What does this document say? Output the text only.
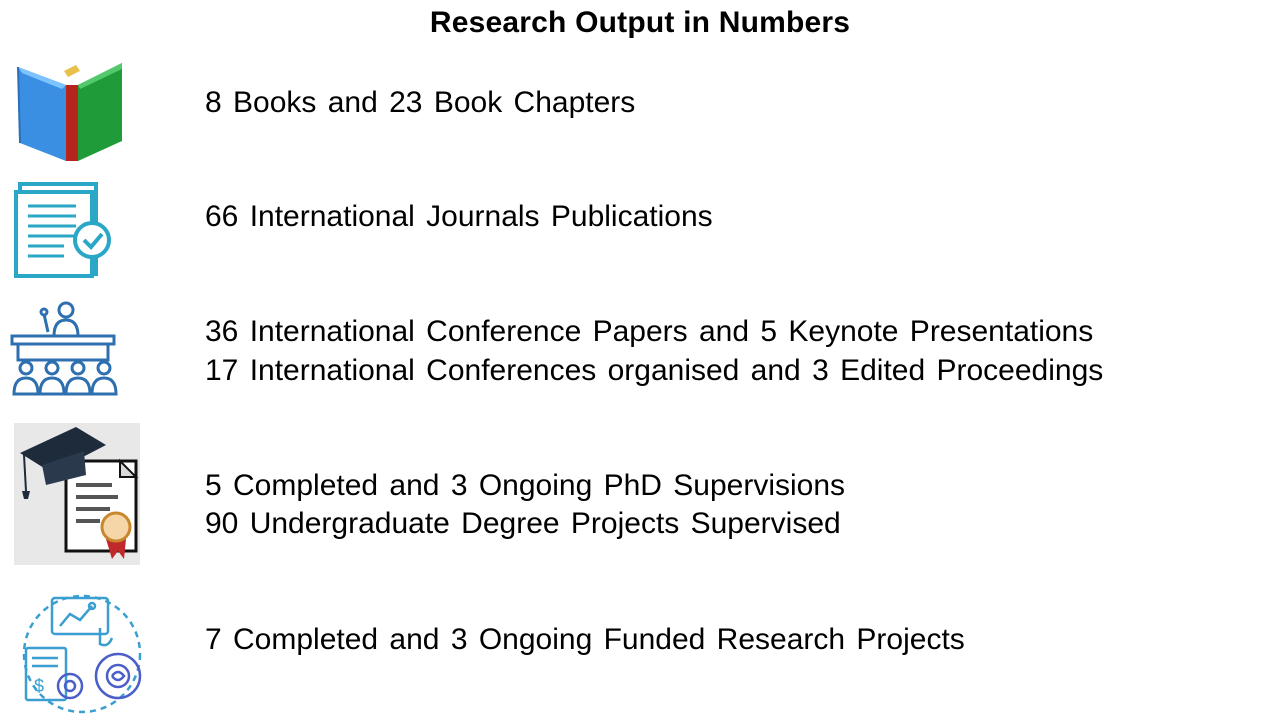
Research Output in Numbers
8 Books and 23 Book Chapters
66 International Journals Publications
36 International Conference Papers and 5 Keynote Presentations
17 International Conferences organised and 3 Edited Proceedings
5 Completed and 3 Ongoing PhD Supervisions
90 Undergraduate Degree Projects Supervised
$
7 Completed and 3 Ongoing Funded Research Projects
